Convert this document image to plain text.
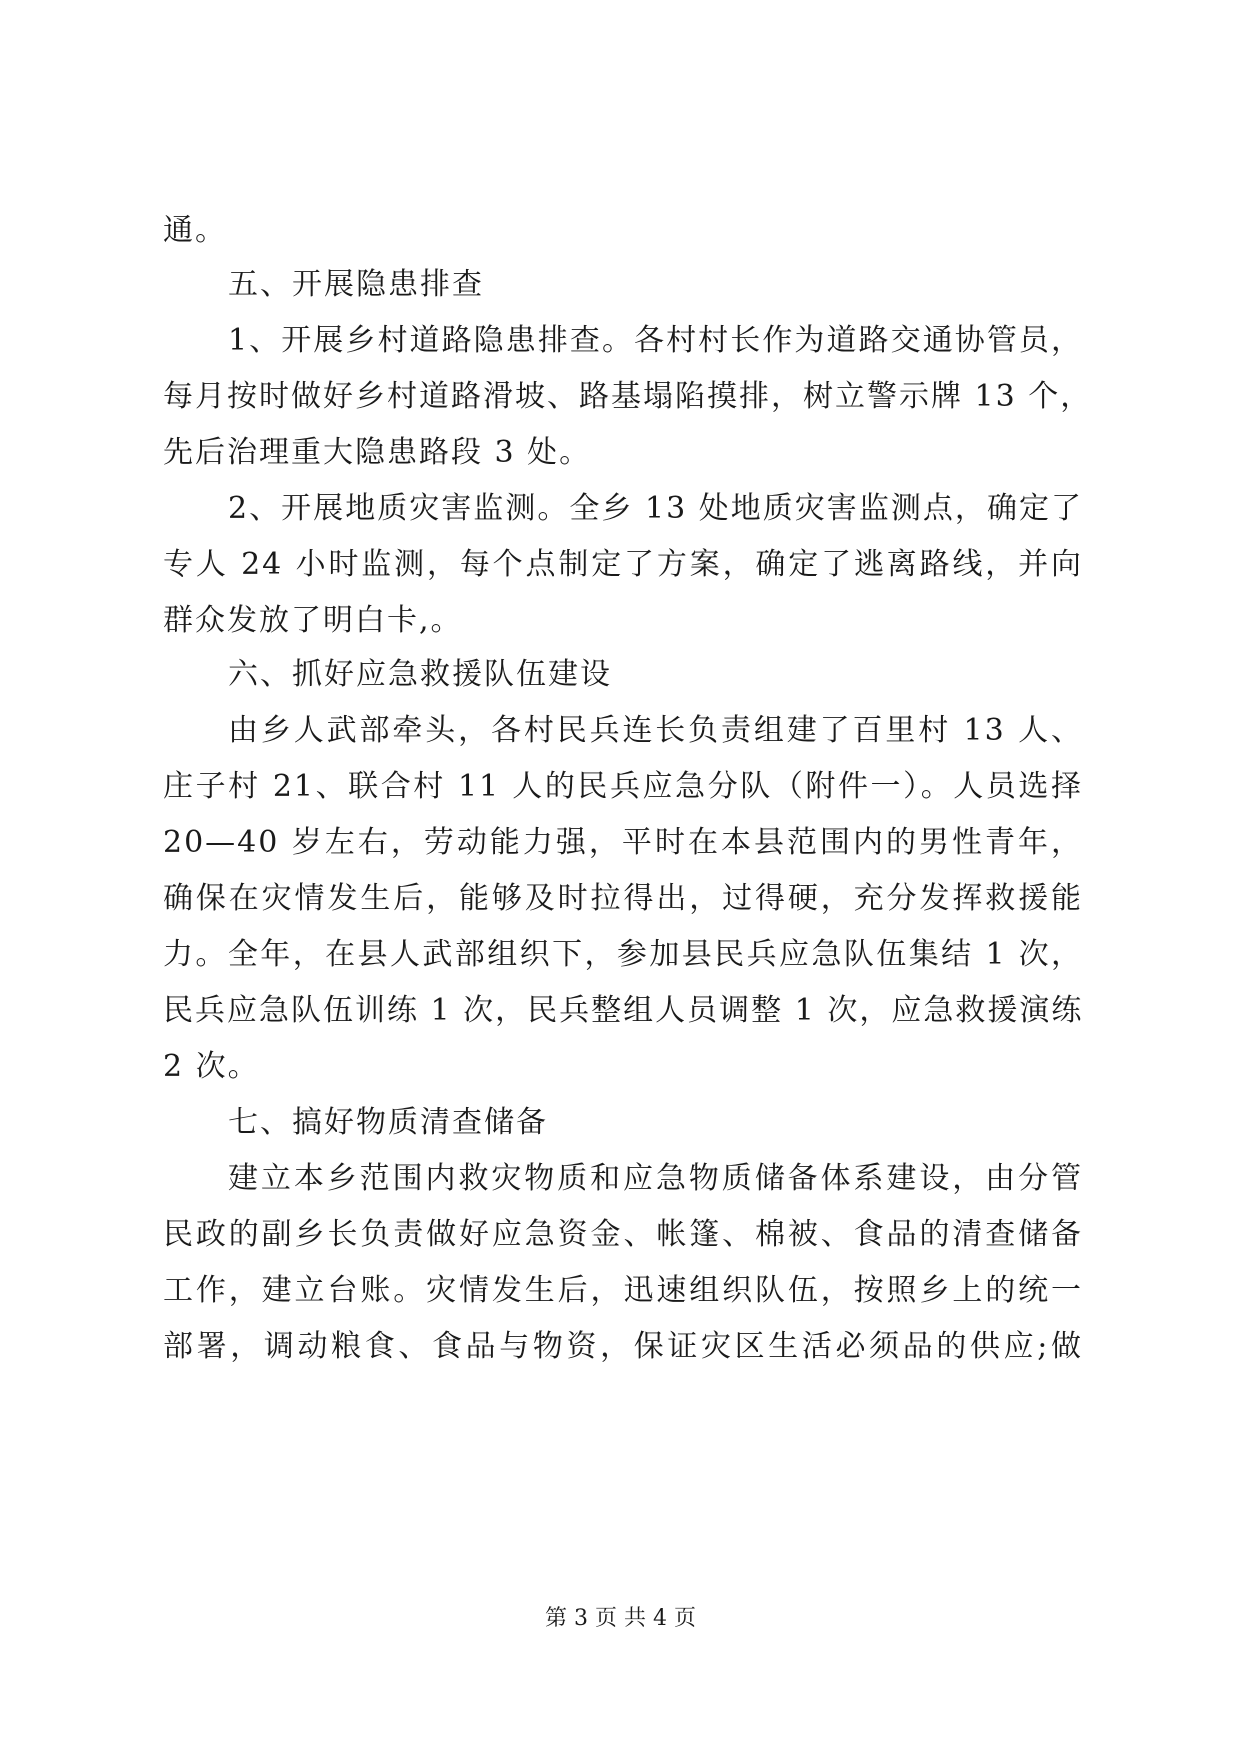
通。
五、开展隐患排查
1、开展乡村道路隐患排查。各村村长作为道路交通协管员，
每月按时做好乡村道路滑坡、路基塌陷摸排，树立警示牌 13 个，
先后治理重大隐患路段 3 处。
2、开展地质灾害监测。全乡 13 处地质灾害监测点，确定了
专人 24 小时监测，每个点制定了方案，确定了逃离路线，并向
群众发放了明白卡,。
六、抓好应急救援队伍建设
由乡人武部牵头，各村民兵连长负责组建了百里村 13 人、
庄子村 21、联合村 11 人的民兵应急分队（附件一）。人员选择
20—40 岁左右，劳动能力强，平时在本县范围内的男性青年，
确保在灾情发生后，能够及时拉得出，过得硬，充分发挥救援能
力。全年，在县人武部组织下，参加县民兵应急队伍集结 1 次，
民兵应急队伍训练 1 次，民兵整组人员调整 1 次，应急救援演练
2 次。
七、搞好物质清查储备
建立本乡范围内救灾物质和应急物质储备体系建设，由分管
民政的副乡长负责做好应急资金、帐篷、棉被、食品的清查储备
工作，建立台账。灾情发生后，迅速组织队伍，按照乡上的统一
部署，调动粮食、食品与物资，保证灾区生活必须品的供应;做
第 3 页 共 4 页
